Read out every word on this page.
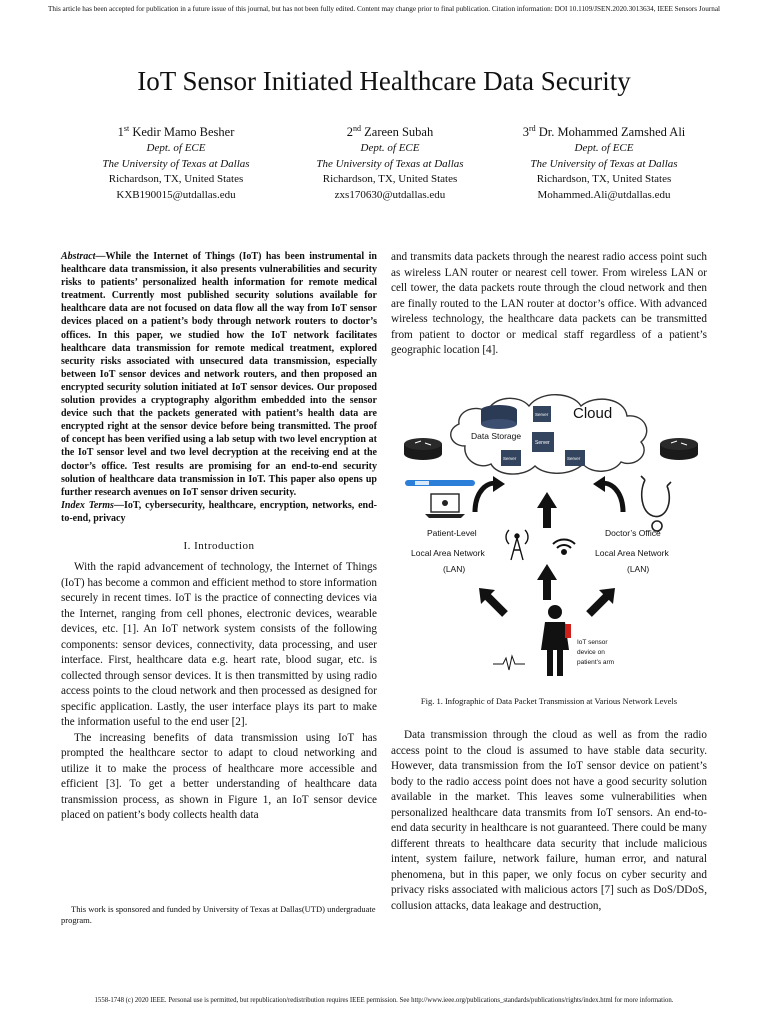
This article has been accepted for publication in a future issue of this journal, but has not been fully edited. Content may change prior to final publication. Citation information: DOI 10.1109/JSEN.2020.3013634, IEEE Sensors Journal
IoT Sensor Initiated Healthcare Data Security
1st Kedir Mamo Besher
Dept. of ECE
The University of Texas at Dallas
Richardson, TX, United States
KXB190015@utdallas.edu
2nd Zareen Subah
Dept. of ECE
The University of Texas at Dallas
Richardson, TX, United States
zxs170630@utdallas.edu
3rd Dr. Mohammed Zamshed Ali
Dept. of ECE
The University of Texas at Dallas
Richardson, TX, United States
Mohammed.Ali@utdallas.edu

Abstract—While the Internet of Things (IoT) has been instrumental in healthcare data transmission, it also presents vulnerabilities and security risks to patients’ personalized health information for remote medical treatment. Currently most published security solutions available for healthcare data are not focused on data flow all the way from IoT sensor devices placed on a patient’s body through network routers to doctor’s offices. In this paper, we studied how the IoT network facilitates healthcare data transmission for remote medical treatment, explored security risks associated with unsecured data transmission, especially between IoT sensor devices and network routers, and then proposed an encrypted security solution initiated at IoT sensor devices. Our proposed solution provides a cryptography algorithm embedded into the sensor device such that the packets generated with patient’s health data are encrypted right at the sensor device before being transmitted. The proof of concept has been verified using a lab setup with two level encryption at the IoT sensor level and two level decryption at the receiving end at the doctor’s office. Test results are promising for an end-to-end security solution of healthcare data transmission in IoT. This paper also opens up further research avenues on IoT sensor driven security.

Index Terms—IoT, cybersecurity, healthcare, encryption, networks, end-to-end, privacy

I. Introduction

With the rapid advancement of technology, the Internet of Things (IoT) has become a common and efficient method to store information securely in recent times. IoT is the practice of connecting devices via the Internet, ranging from cell phones, electronic devices, wearable devices, etc. [1]. An IoT network system consists of the following components: sensor devices, connectivity, data processing, and user interface. First, healthcare data e.g. heart rate, blood sugar, etc. is collected through sensor devices. It is then transmitted by using radio access points to the cloud network and then processed as designed for specific application. Lastly, the user interface plays its part to make the information useful to the end user [2].

The increasing benefits of data transmission using IoT has prompted the healthcare sector to adapt to cloud networking and utilize it to make the process of healthcare more accessible and efficient [3]. To get a better understanding of healthcare data transmission process, as shown in Figure 1, an IoT sensor device placed on patient’s body collects health data

This work is sponsored and funded by University of Texas at Dallas(UTD) undergraduate program.

and transmits data packets through the nearest radio access point such as wireless LAN router or nearest cell tower. From wireless LAN or cell tower, the data packets route through the cloud network and then are finally routed to the LAN router at doctor’s office. With advanced wireless technology, the healthcare data packets can be transmitted from patient to doctor or medical staff regardless of a patient’s geographic location [4].

Cloud
Data Storage
Server
Server
Server	Server
Patient-Level	Doctor’s Office
Local Area Network
(LAN)
Local Area Network
(LAN)
IoT sensor
device on
patient’s arm
Fig. 1. Infographic of Data Packet Transmission at Various Network Levels
Data transmission through the cloud as well as from the radio access point to the cloud is assumed to have stable data security. However, data transmission from the IoT sensor device on patient’s body to the radio access point does not have a good security solution available in the market. This leaves some vulnerabilities when personalized healthcare data transmits from IoT sensors. An end-to-end data security in healthcare is not guaranteed. There could be many different threats to healthcare data security that include malicious intent, system failure, network failure, human error, and natural phenomena, but in this paper, we only focus on cyber security and privacy risks associated with malicious actors [7] such as DoS/DDoS, collusion attacks, data leakage and destruction,
1558-1748 (c) 2020 IEEE. Personal use is permitted, but republication/redistribution requires IEEE permission. See http://www.ieee.org/publications_standards/publications/rights/index.html for more information.
